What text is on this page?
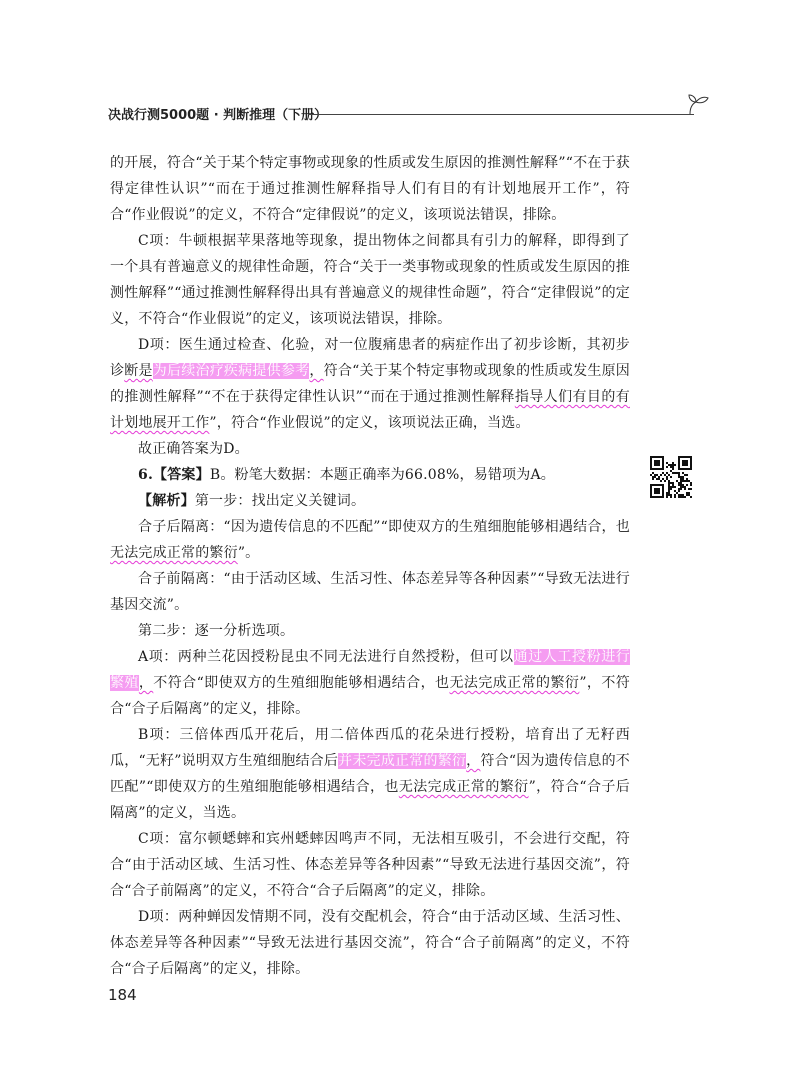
决战行测5000题 · 判断推理（下册）

的开展，符合“关于某个特定事物或现象的性质或发生原因的推测性解释”“不在于获得定律性认识”“而在于通过推测性解释指导人们有目的有计划地展开工作”，符合“作业假说”的定义，不符合“定律假说”的定义，该项说法错误，排除。

C项：牛顿根据苹果落地等现象，提出物体之间都具有引力的解释，即得到了一个具有普遍意义的规律性命题，符合“关于一类事物或现象的性质或发生原因的推测性解释”“通过推测性解释得出具有普遍意义的规律性命题”，符合“定律假说”的定义，不符合“作业假说”的定义，该项说法错误，排除。

D项：医生通过检查、化验，对一位腹痛患者的病症作出了初步诊断，其初步诊断是为后续治疗疾病提供参考，符合“关于某个特定事物或现象的性质或发生原因的推测性解释”“不在于获得定律性认识”“而在于通过推测性解释指导人们有目的有计划地展开工作”，符合“作业假说”的定义，该项说法正确，当选。

故正确答案为D。

6.【答案】B。粉笔大数据：本题正确率为66.08%，易错项为A。

【解析】第一步：找出定义关键词。

合子后隔离：“因为遗传信息的不匹配”“即使双方的生殖细胞能够相遇结合，也无法完成正常的繁衍”。

合子前隔离：“由于活动区域、生活习性、体态差异等各种因素”“导致无法进行基因交流”。

第二步：逐一分析选项。

A项：两种兰花因授粉昆虫不同无法进行自然授粉，但可以通过人工授粉进行繁殖，不符合“即使双方的生殖细胞能够相遇结合，也无法完成正常的繁衍”，不符合“合子后隔离”的定义，排除。

B项：三倍体西瓜开花后，用二倍体西瓜的花朵进行授粉，培育出了无籽西瓜，“无籽”说明双方生殖细胞结合后并未完成正常的繁衍，符合“因为遗传信息的不匹配”“即使双方的生殖细胞能够相遇结合，也无法完成正常的繁衍”，符合“合子后隔离”的定义，当选。

C项：富尔顿蟋蟀和宾州蟋蟀因鸣声不同，无法相互吸引，不会进行交配，符合“由于活动区域、生活习性、体态差异等各种因素”“导致无法进行基因交流”，符合“合子前隔离”的定义，不符合“合子后隔离”的定义，排除。

D项：两种蝉因发情期不同，没有交配机会，符合“由于活动区域、生活习性、体态差异等各种因素”“导致无法进行基因交流”，符合“合子前隔离”的定义，不符合“合子后隔离”的定义，排除。

184
